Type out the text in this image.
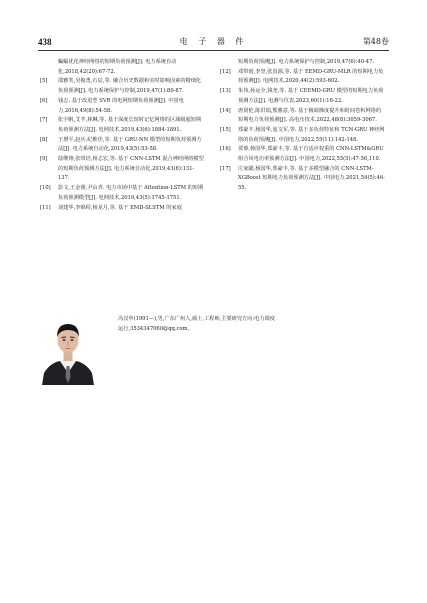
438	电 子 器 件	第48卷

蝙蝠优化神经网络的短期负荷预测[J]. 电力系统自动化,2018,42(20):67-72.

[5]	邵雅笑,吴俊勇,石辰,等. 融合历史数据和实时影响因素的精细化负荷预测[J]. 电力系统保护与控制,2019,47(1):80-87.

[6]	钱志. 基于改进型 SVR 的电网短期负荷预测[J]. 中国电力,2016,49(8):54-58.

[7]	张宇帆,艾芊,林琳,等. 基于深度长短时记忆网络的区域级超短期负荷预测方法[J]. 电网技术,2019,43(6):1884-1891.

[8]	王增平,赵兵,纪维佳,等. 基于 GRU-NN 模型的短期负荷预测方法[J]. 电力系统自动化,2019,43(5):53-58.

[9]	陆继翔,张琪培,杨志宏,等. 基于 CNN-LSTM 混合神经网络模型的短期负荷预测方法[J]. 电力系统自动化,2019,43(8):131-137.

[10]	彭文,王金睿,尹山青. 电力市场中基于 Attention-LSTM 的短期负荷预测模型[J]. 电网技术,2019,43(5):1745-1751.

[11]	刘建华,李锦程,杨龙月,等. 基于 EMD-SLSTM 的家庭

短期负荷预测[J]. 电力系统保护与控制,2019,47(6):40-47.

[12]	邓带雨,李坚,张真源,等. 基于 EEMD-GRU-MLR 的短期电力负荷预测[J]. 电网技术,2020,44(2):593-602.

[13]	朱伟,孙运全,钱尧,等. 基于 CEEMD-GRU 模型的短期电力负荷预测方法[J]. 电测与仪表,2023,60(1):16-22.

[14]	唐贤伦,陈洪瑞,熊雅意,等. 基于极端梯度提升和时间卷积网络的短期电力负荷预测[J]. 高电压技术,2022,48(8):3059-3067.

[15]	郑豪丰,杨国华,庞文军,等. 基于多负荷特征和 TCN-GRU 神经网络的负荷预测[J]. 中国电力,2022,55(11):142-148.

[16]	贾睿,杨国华,郑豪丰,等. 基于自适应权重的 CNN-LSTM&GRU 组合风电功率预测方法[J]. 中国电力,2022,55(5):47-56,110.

[17]	庄家懿,杨国华,郑豪丰,等. 基于多模型融合的 CNN-LSTM-XGBoost 短期电力负荷预测方法[J]. 中国电力,2021,54(5):46-55.

冯汉申(1991—),男,广东广州人,硕士,工程师,主要研究方向:电力调度运行,3534347060@qq.com。
